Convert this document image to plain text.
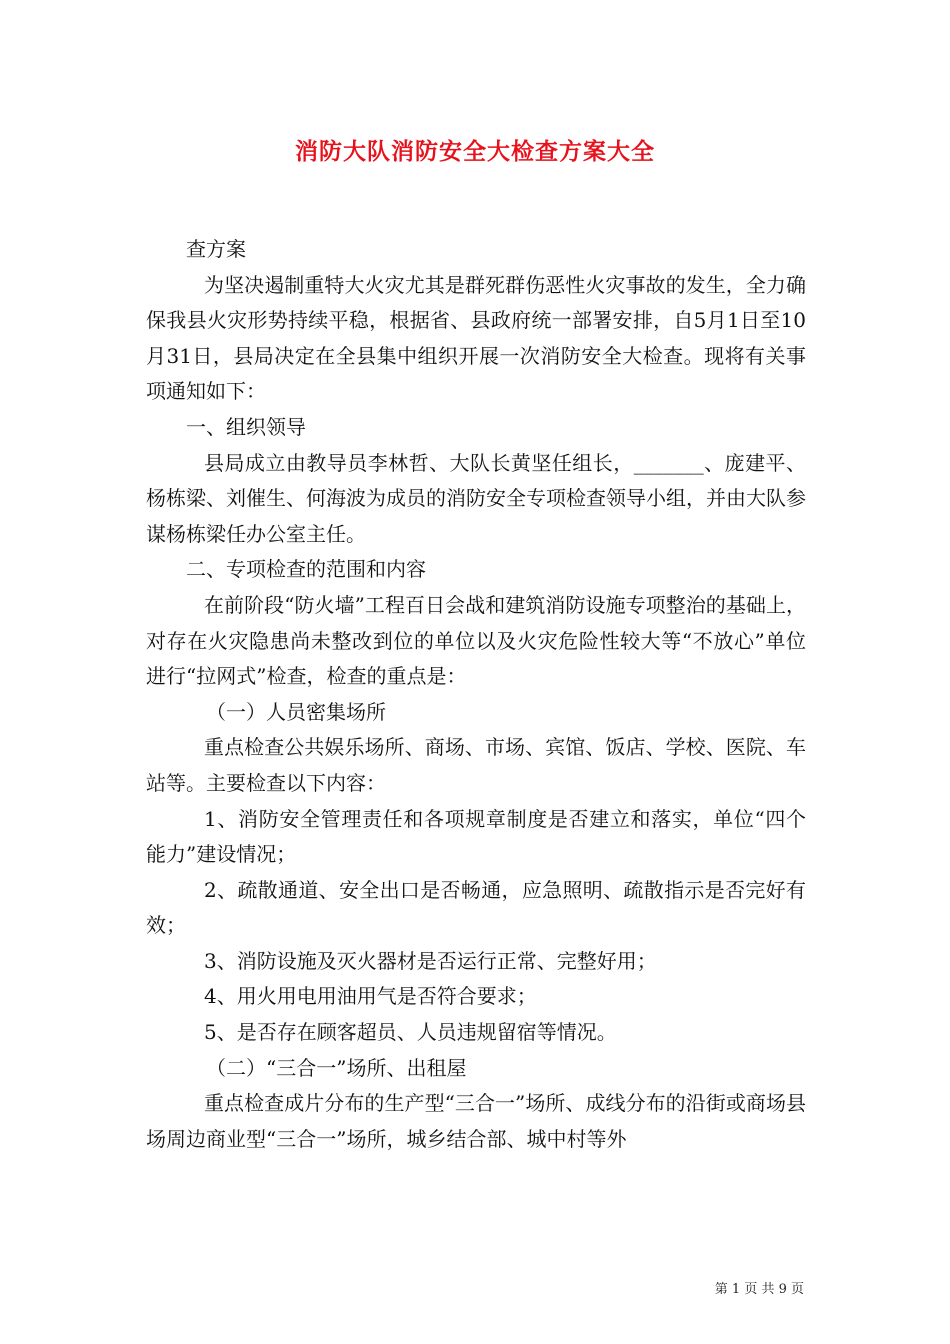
消防大队消防安全大检查方案大全

查方案

为坚决遏制重特大火灾尤其是群死群伤恶性火灾事故的发生，全力确保我县火灾形势持续平稳，根据省、县政府统一部署安排，自5月1日至10月31日，县局决定在全县集中组织开展一次消防安全大检查。现将有关事项通知如下：

一、组织领导

县局成立由教导员李林哲、大队长黄坚任组长，_______、庞建平、杨栋梁、刘催生、何海波为成员的消防安全专项检查领导小组，并由大队参谋杨栋梁任办公室主任。

二、专项检查的范围和内容

在前阶段“防火墙”工程百日会战和建筑消防设施专项整治的基础上，对存在火灾隐患尚未整改到位的单位以及火灾危险性较大等“不放心”单位进行“拉网式”检查，检查的重点是：

（一）人员密集场所

重点检查公共娱乐场所、商场、市场、宾馆、饭店、学校、医院、车站等。主要检查以下内容：

1、消防安全管理责任和各项规章制度是否建立和落实，单位“四个能力”建设情况；

2、疏散通道、安全出口是否畅通，应急照明、疏散指示是否完好有效；

3、消防设施及灭火器材是否运行正常、完整好用；

4、用火用电用油用气是否符合要求；

5、是否存在顾客超员、人员违规留宿等情况。

（二）“三合一”场所、出租屋

重点检查成片分布的生产型“三合一”场所、成线分布的沿街或商场县场周边商业型“三合一”场所，城乡结合部、城中村等外

第 1 页 共 9 页
